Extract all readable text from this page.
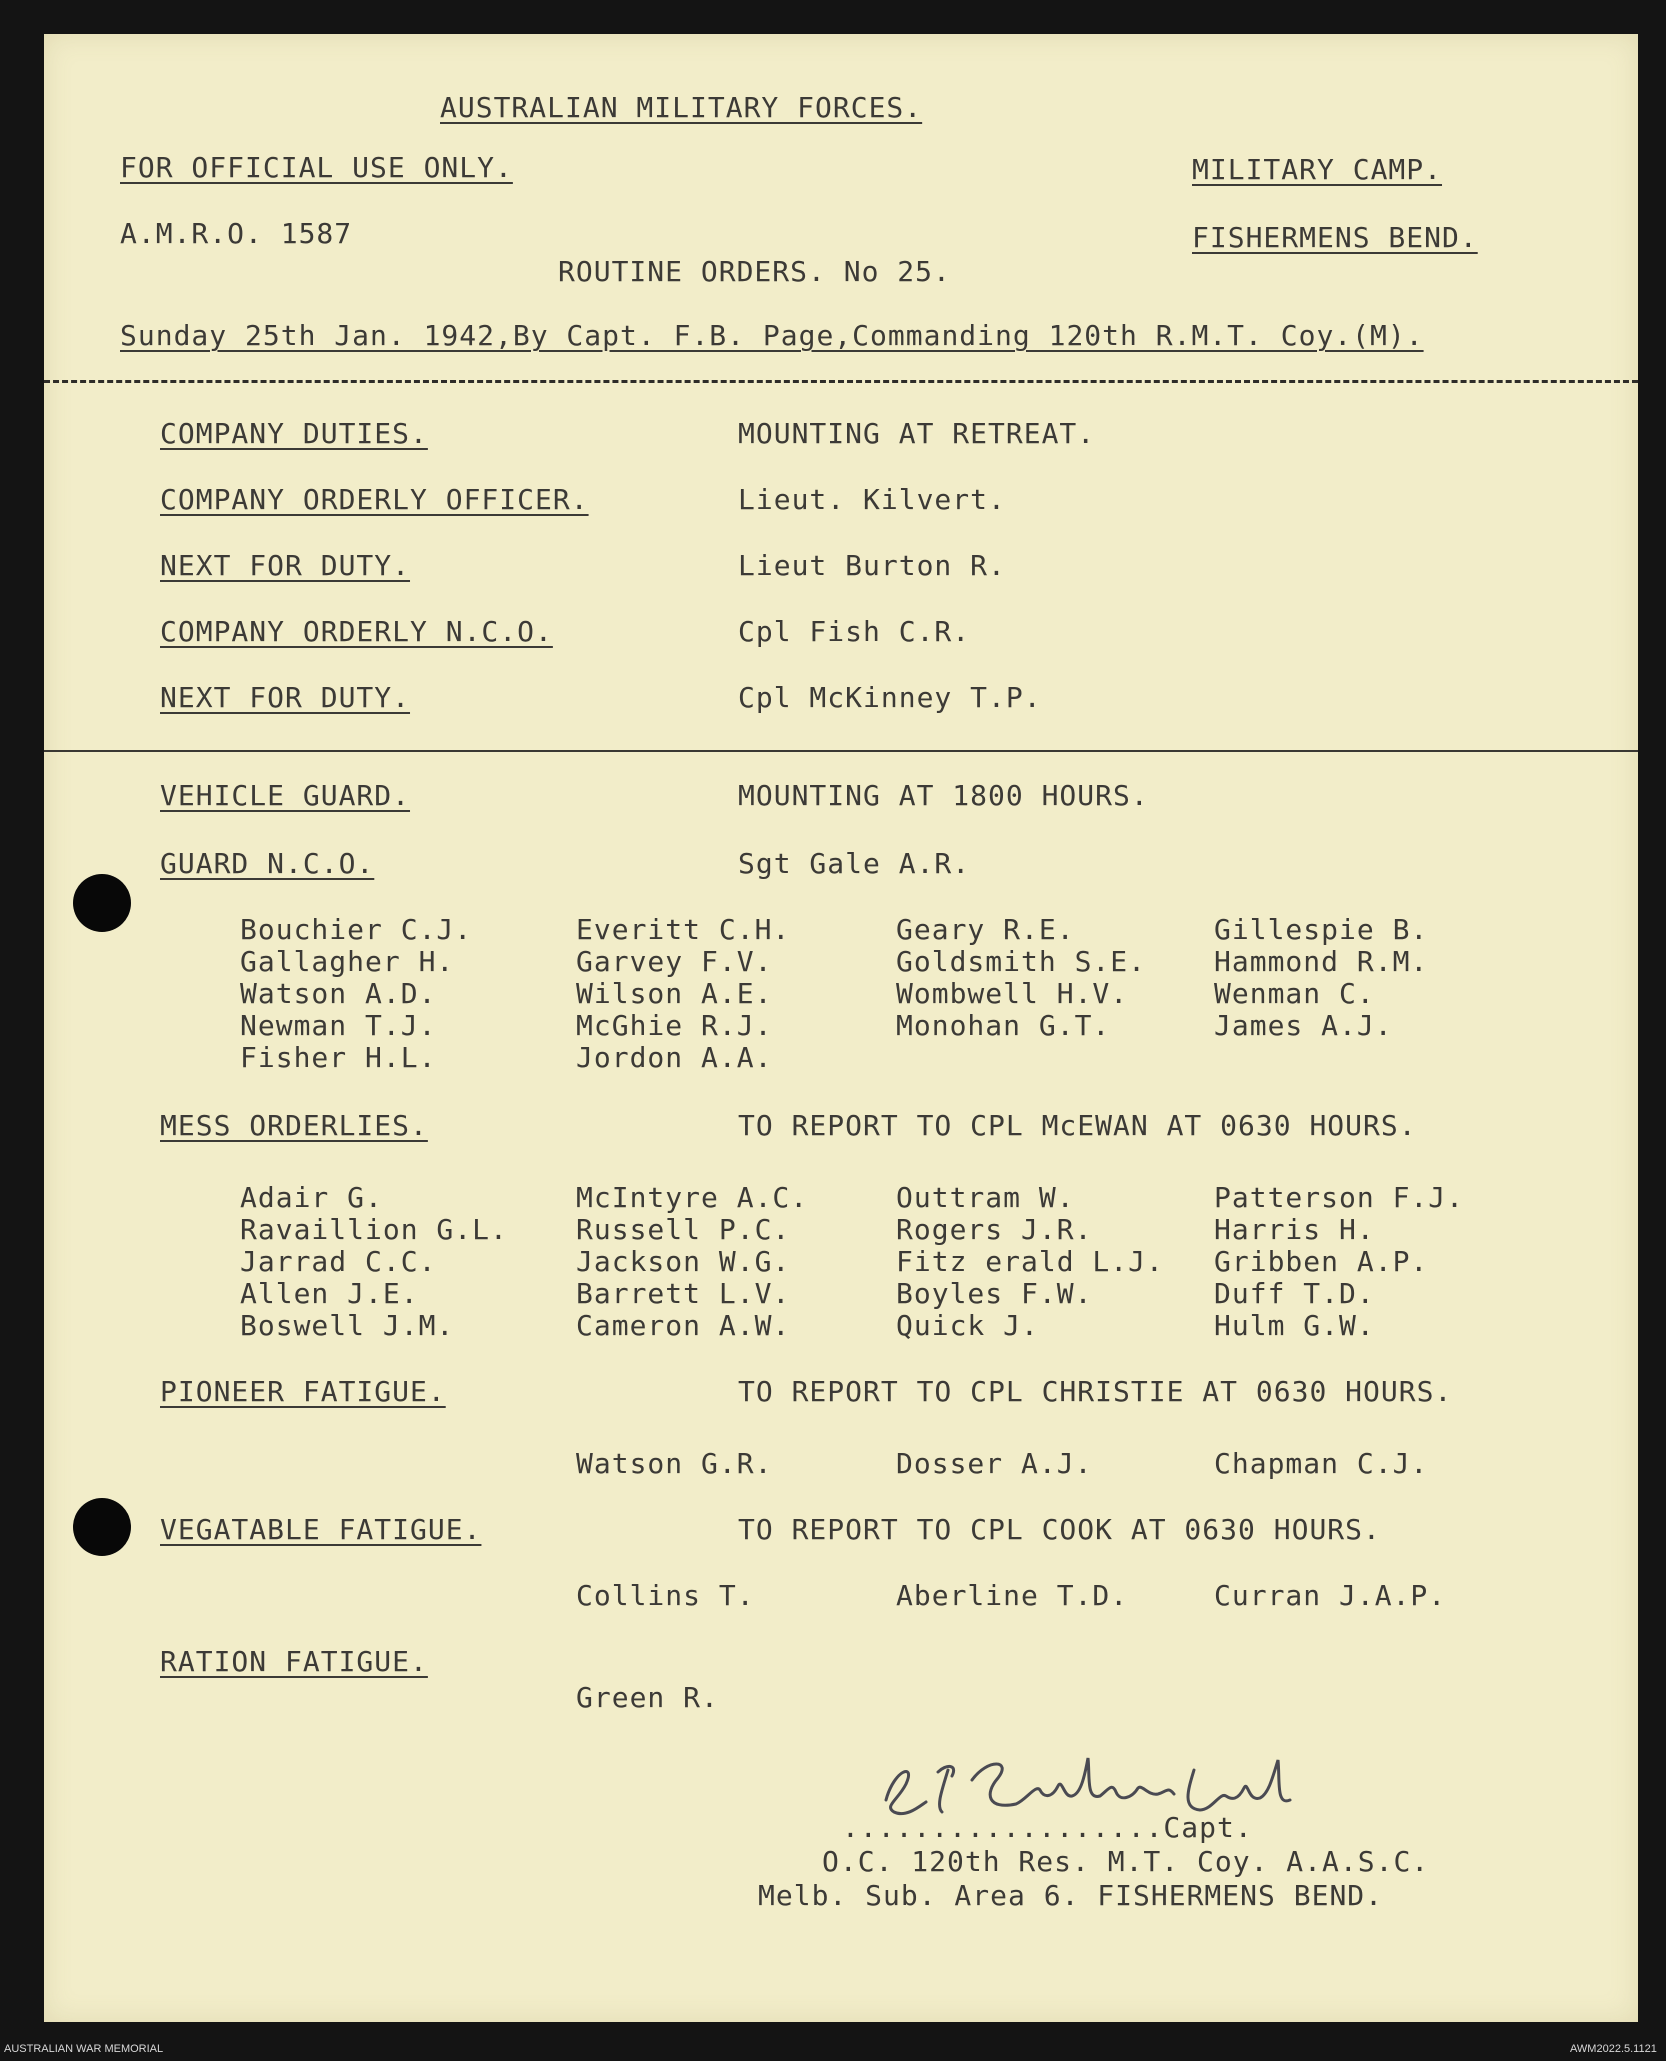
AUSTRALIAN MILITARY FORCES.
FOR OFFICIAL USE ONLY.	MILITARY CAMP.
A.M.R.O. 1587	FISHERMENS BEND.
ROUTINE ORDERS. No 25.
Sunday 25th Jan. 1942,By Capt. F.B. Page,Commanding 120th R.M.T. Coy.(M).
COMPANY DUTIES.	MOUNTING AT RETREAT.
COMPANY ORDERLY OFFICER.	Lieut. Kilvert.
NEXT FOR DUTY.	Lieut Burton R.
COMPANY ORDERLY N.C.O.	Cpl Fish C.R.
NEXT FOR DUTY.	Cpl McKinney T.P.
VEHICLE GUARD.	MOUNTING AT 1800 HOURS.
GUARD N.C.O.	Sgt Gale A.R.
Bouchier C.J.	Everitt C.H.	Geary R.E.	Gillespie B.
Gallagher H.	Garvey F.V.	Goldsmith S.E. Hammond R.M.
Watson A.D.	Wilson A.E.	Wombwell H.V.	Wenman C.
Newman T.J.	McGhie R.J.	Monohan G.T.	James A.J.
Fisher H.L.	Jordon A.A.
MESS ORDERLIES.	TO REPORT TO CPL McEWAN AT 0630 HOURS.
Adair G.	McIntyre A.C.	Outtram W.	Patterson F.J.
Ravaillion G.L. Russell P.C.	Rogers J.R.	Harris H.
Jarrad C.C.	Jackson W.G.	Fitz erald L.J. Gribben A.P.
Allen J.E.	Barrett L.V.	Boyles F.W.	Duff T.D.
Boswell J.M.	Cameron A.W.	Quick J.	Hulm G.W.
PIONEER FATIGUE.	TO REPORT TO CPL CHRISTIE AT 0630 HOURS.
Watson G.R.	Dosser A.J.	Chapman C.J.
VEGATABLE FATIGUE.	TO REPORT TO CPL COOK AT 0630 HOURS.
Collins T.	Aberline T.D.	Curran J.A.P.
RATION FATIGUE.
Green R.
..................Capt.
O.C. 120th Res. M.T. Coy. A.A.S.C.
Melb. Sub. Area 6. FISHERMENS BEND.
AUSTRALIAN WAR MEMORIAL	AWM2022.5.1121
